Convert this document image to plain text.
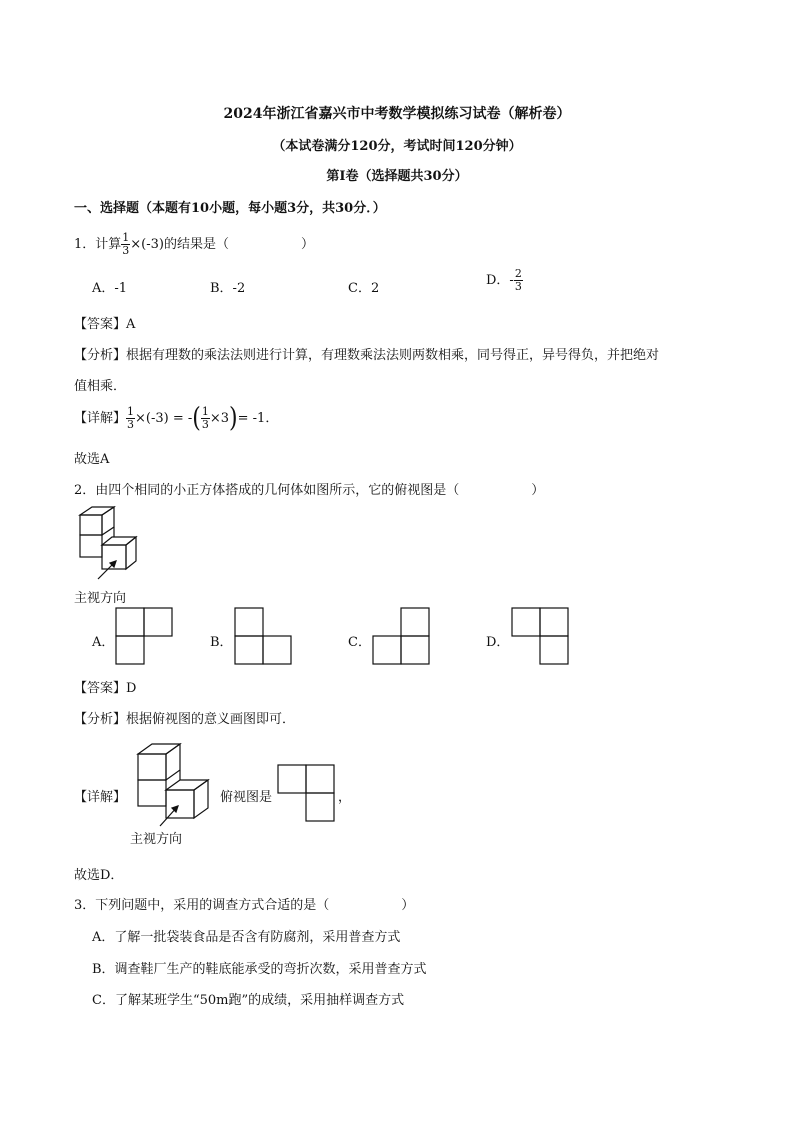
2024年浙江省嘉兴市中考数学模拟练习试卷（解析卷）
（本试卷满分120分，考试时间120分钟）
第Ⅰ卷（选择题共30分）
一、选择题（本题有10小题，每小题3分，共30分．）
1．计算 $\frac{1}{3} \times(-3)$的结果是（	）
A．-1	B．-2	C．2
D．- $\frac{2}{3}$
【答案】A
【分析】根据有理数的乘法法则进行计算，有理数乘法法则两数相乘，同号得正，异号得负，并把绝对
值相乘．
【详解】 $\frac{1}{3} \times(-3)$ = -( $\frac{1}{3} \times 3)= -1$．
故选A
2．由四个相同的小正方体搭成的几何体如图所示，它的俯视图是（	）
主视方向
A．	B．	C．	D．
【答案】D
【分析】根据俯视图的意义画图即可．
【详解】
主视方向
俯视图是	，
故选D．
3．下列问题中，采用的调查方式合适的是（	）
A．了解一批袋装食品是否含有防腐剂，采用普查方式
B．调查鞋厂生产的鞋底能承受的弯折次数，采用普查方式
C．了解某班学生“50m跑”的成绩，采用抽样调查方式
